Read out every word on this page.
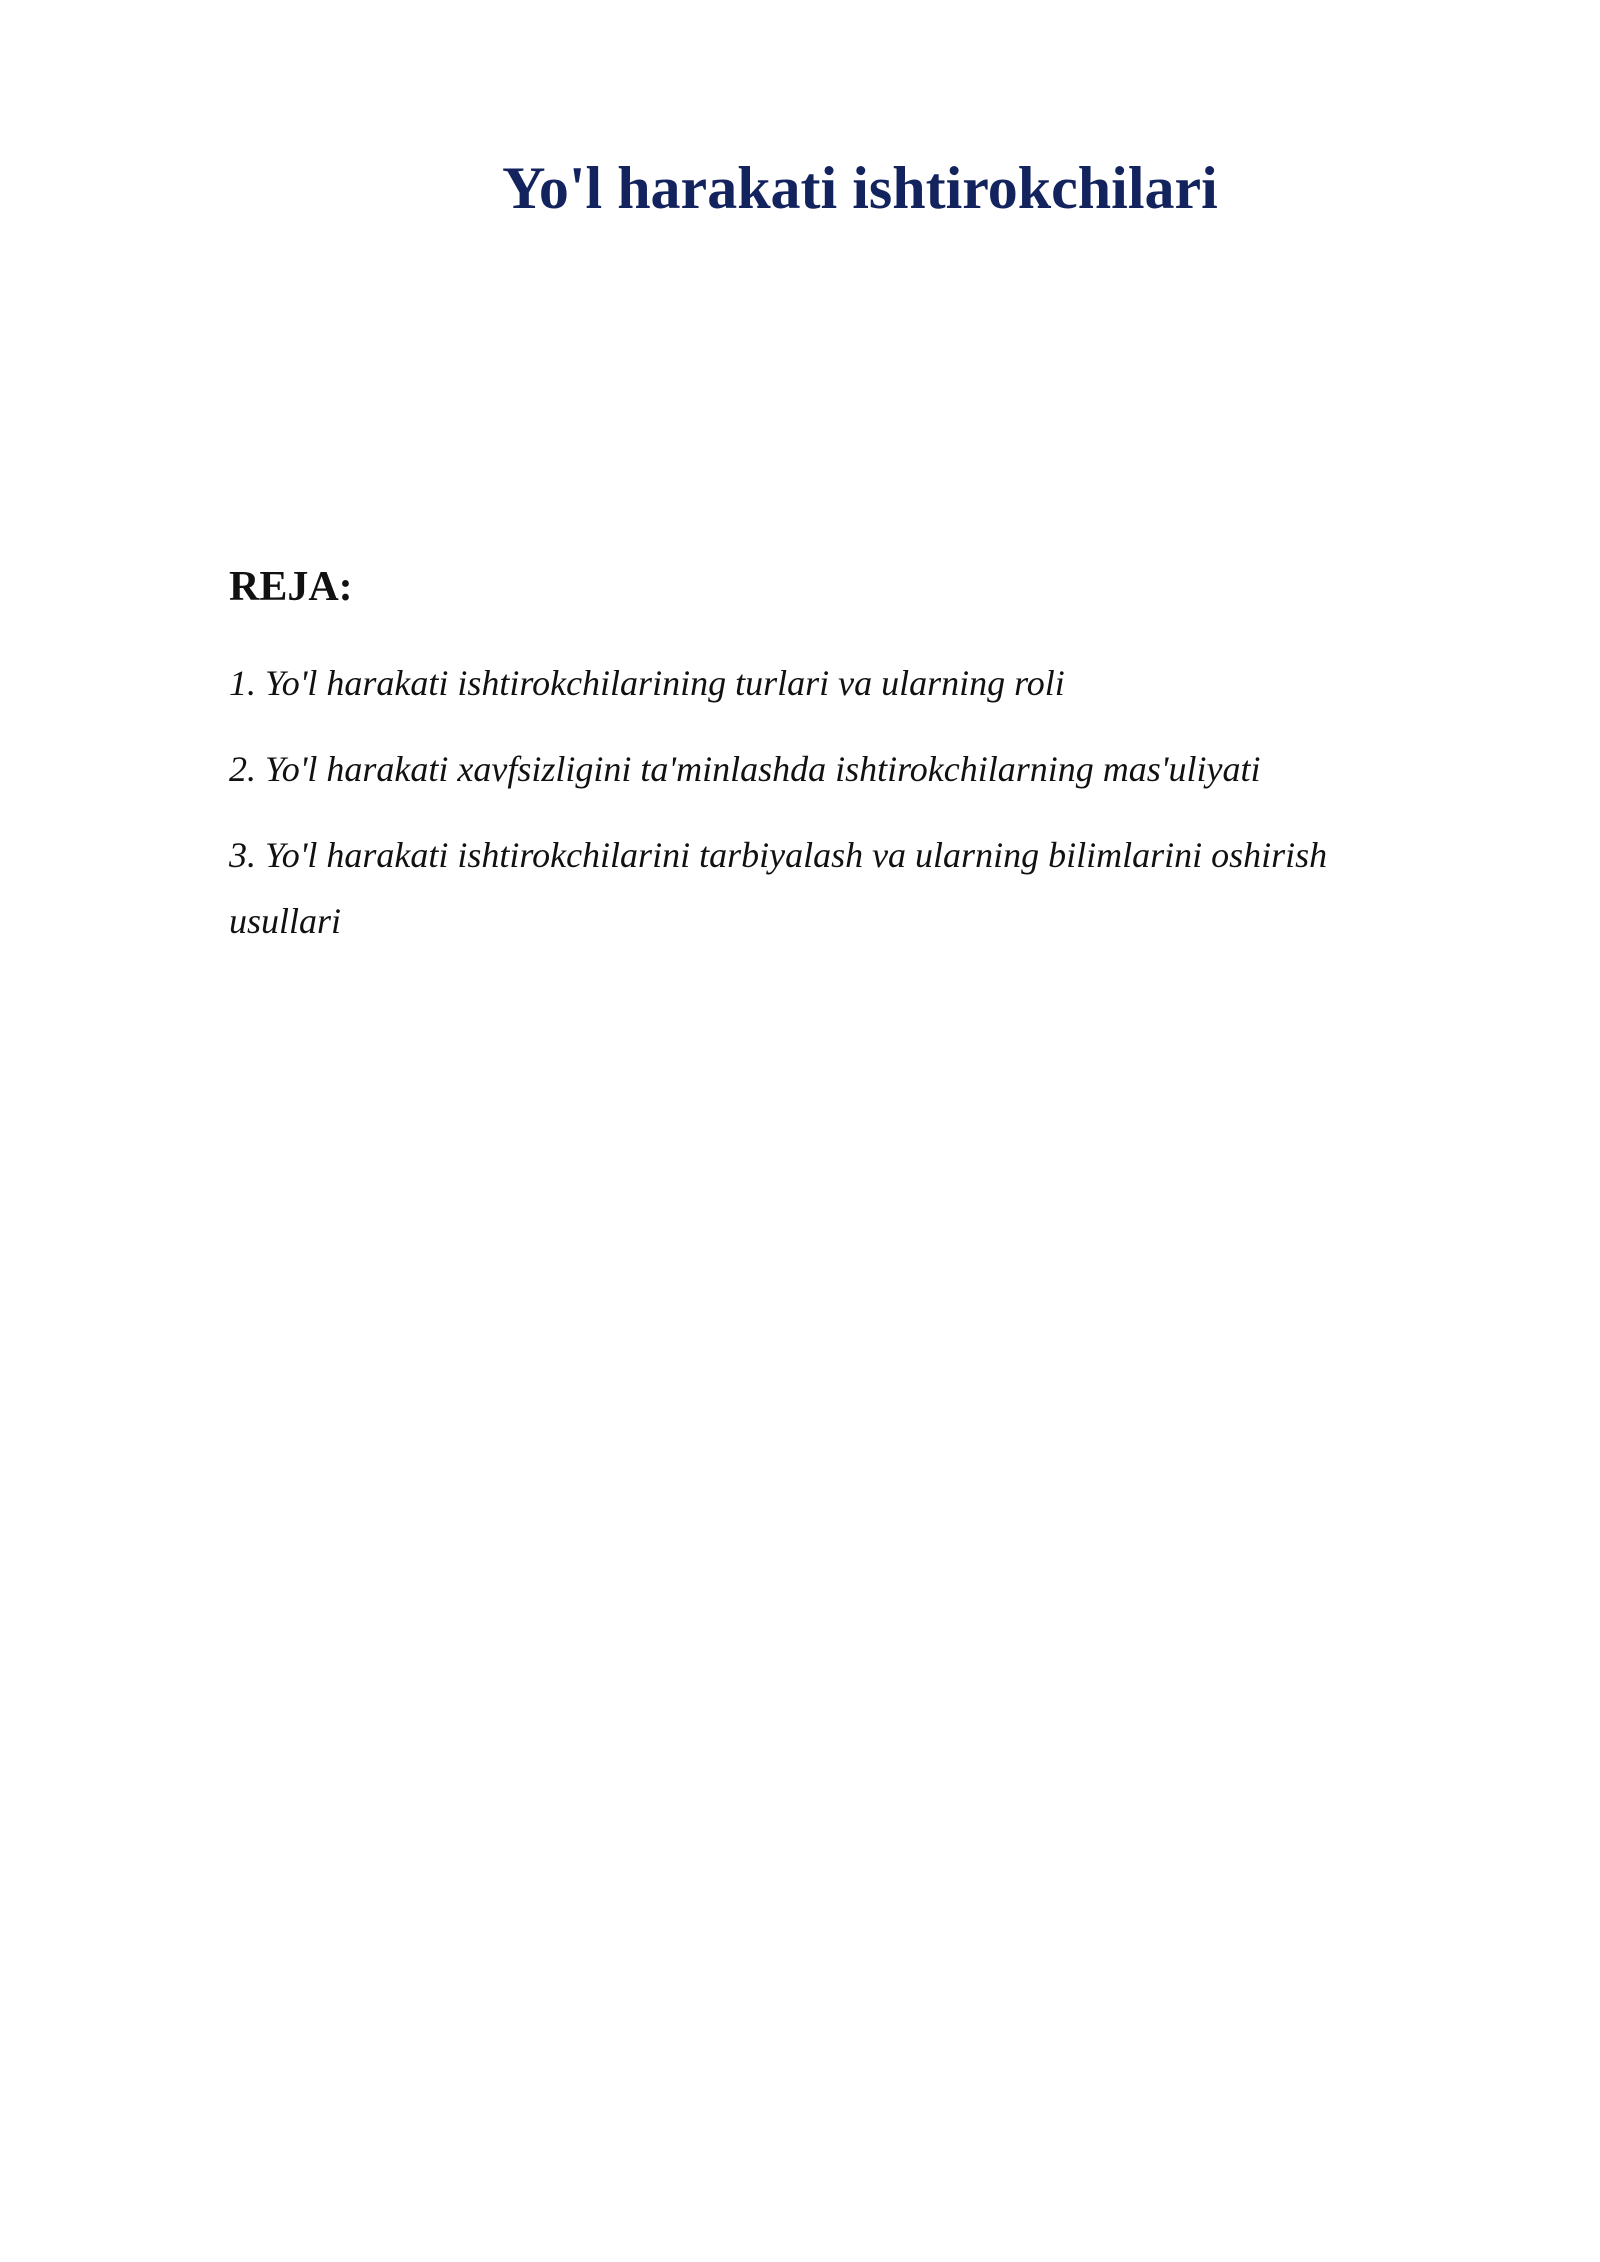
Yo'l harakati ishtirokchilari
REJA:
1. Yo'l harakati ishtirokchilarining turlari va ularning roli
2. Yo'l harakati xavfsizligini ta'minlashda ishtirokchilarning mas'uliyati
3. Yo'l harakati ishtirokchilarini tarbiyalash va ularning bilimlarini oshirish usullari
